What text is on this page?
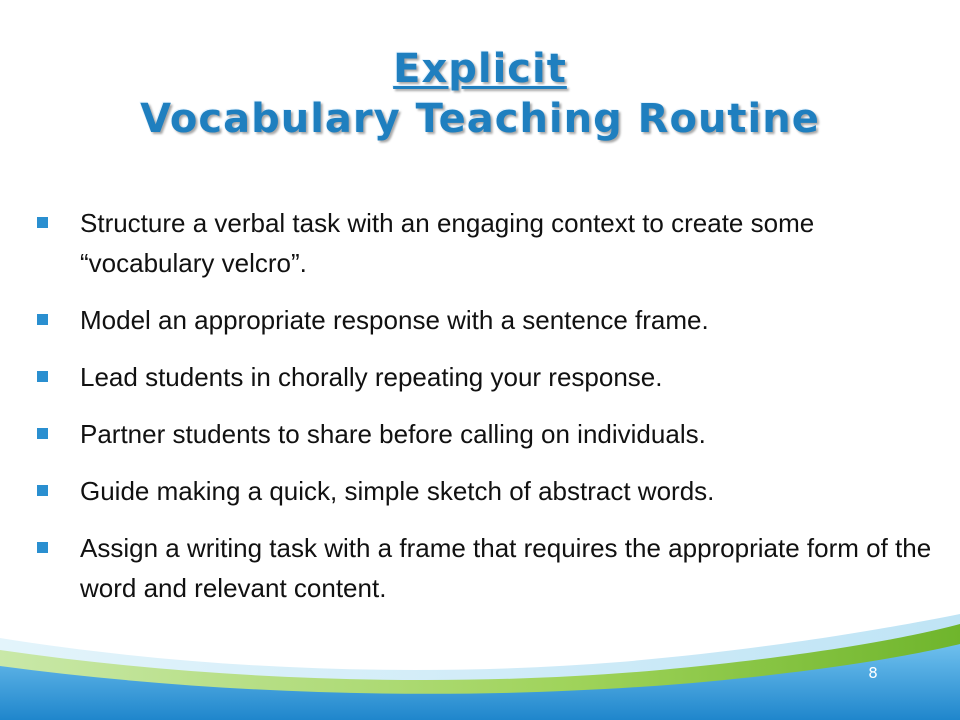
Explicit
Vocabulary Teaching Routine
Structure a verbal task with an engaging context to create some “vocabulary velcro”.
Model an appropriate response with a sentence frame.
Lead students in chorally repeating your response.
Partner students to share before calling on individuals.
Guide making a quick, simple sketch of abstract words.
Assign a writing task with a frame that requires the appropriate form of the word and relevant content.
8
